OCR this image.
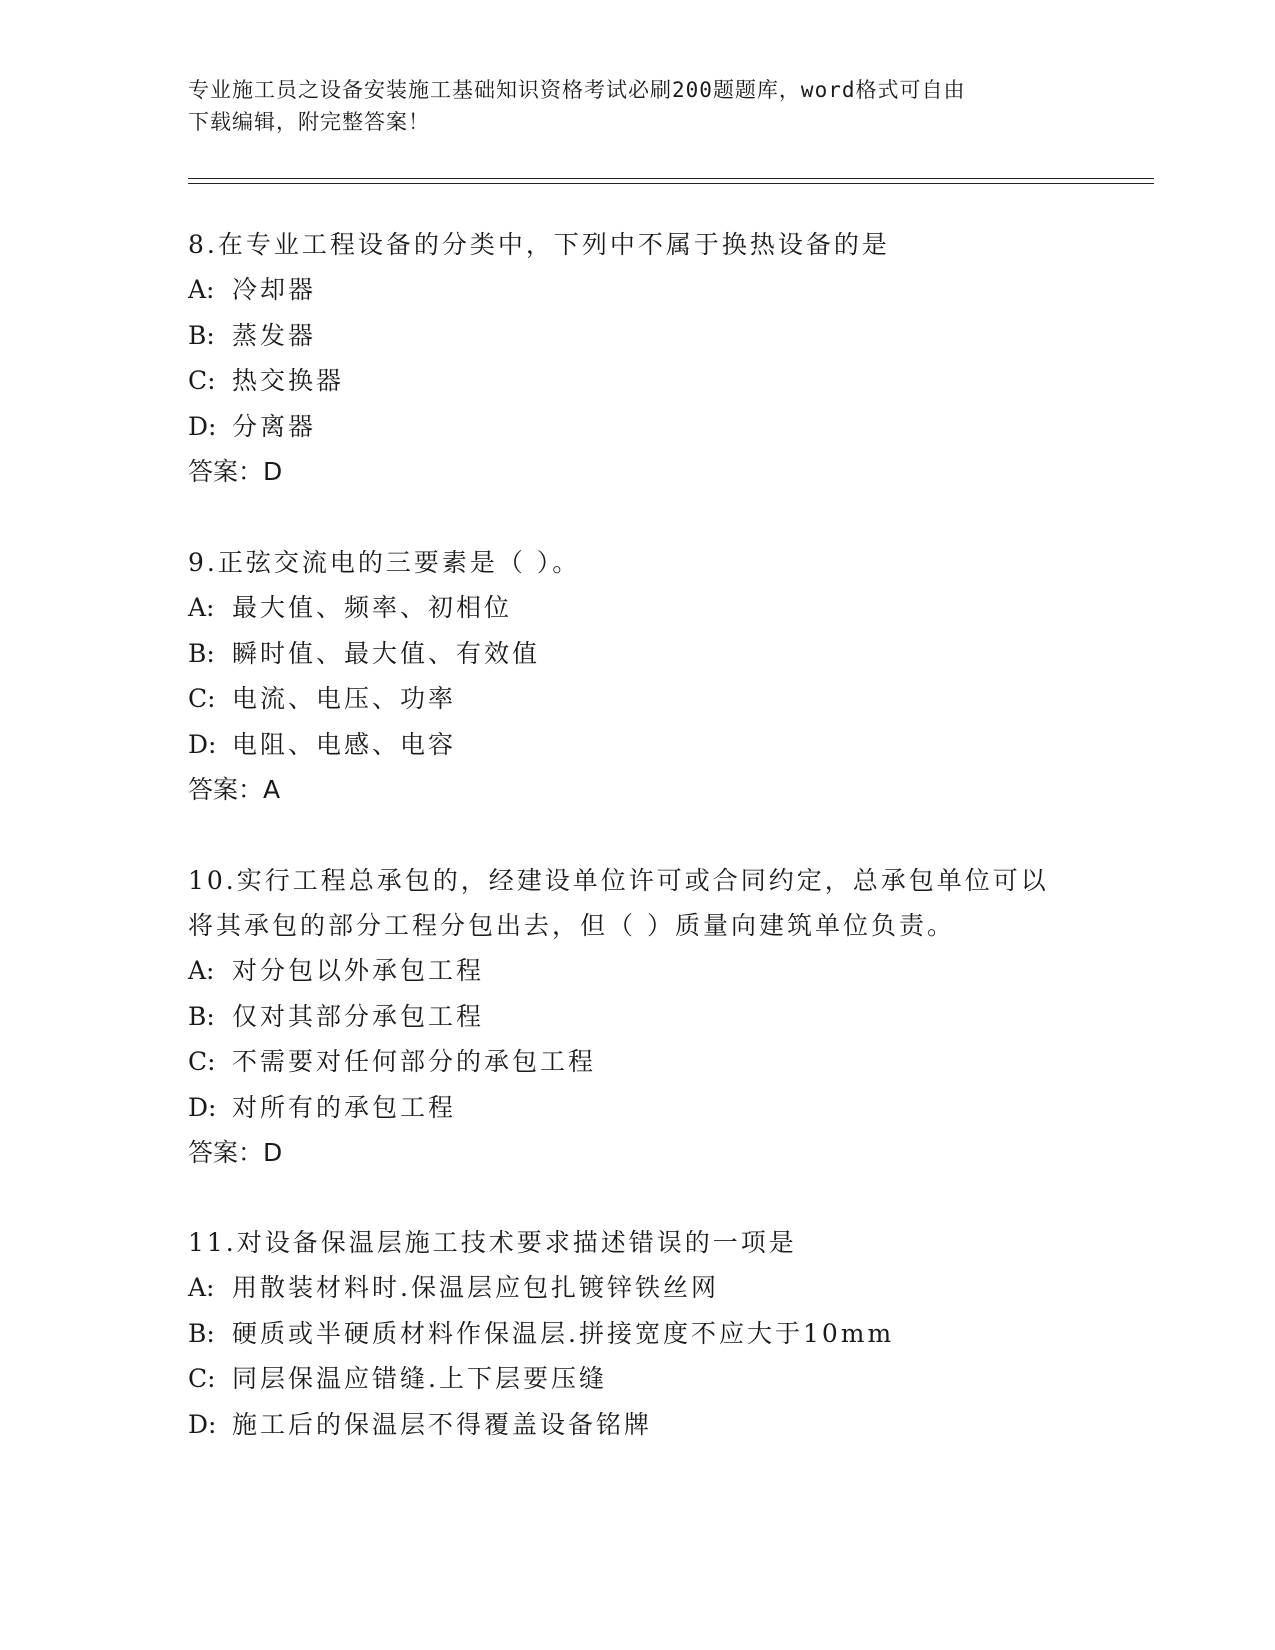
专业施工员之设备安装施工基础知识资格考试必刷200题题库，word格式可自由
下载编辑，附完整答案！
8.在专业工程设备的分类中，下列中不属于换热设备的是
A: 冷却器
B: 蒸发器
C: 热交换器
D: 分离器
答案：D
9.正弦交流电的三要素是（ ）。
A: 最大值、频率、初相位
B: 瞬时值、最大值、有效值
C: 电流、电压、功率
D: 电阻、电感、电容
答案：A
10.实行工程总承包的，经建设单位许可或合同约定，总承包单位可以将其承包的部分工程分包出去，但（ ）质量向建筑单位负责。
A: 对分包以外承包工程
B: 仅对其部分承包工程
C: 不需要对任何部分的承包工程
D: 对所有的承包工程
答案：D
11.对设备保温层施工技术要求描述错误的一项是
A: 用散装材料时.保温层应包扎镀锌铁丝网
B: 硬质或半硬质材料作保温层.拼接宽度不应大于10mm
C: 同层保温应错缝.上下层要压缝
D: 施工后的保温层不得覆盖设备铭牌
